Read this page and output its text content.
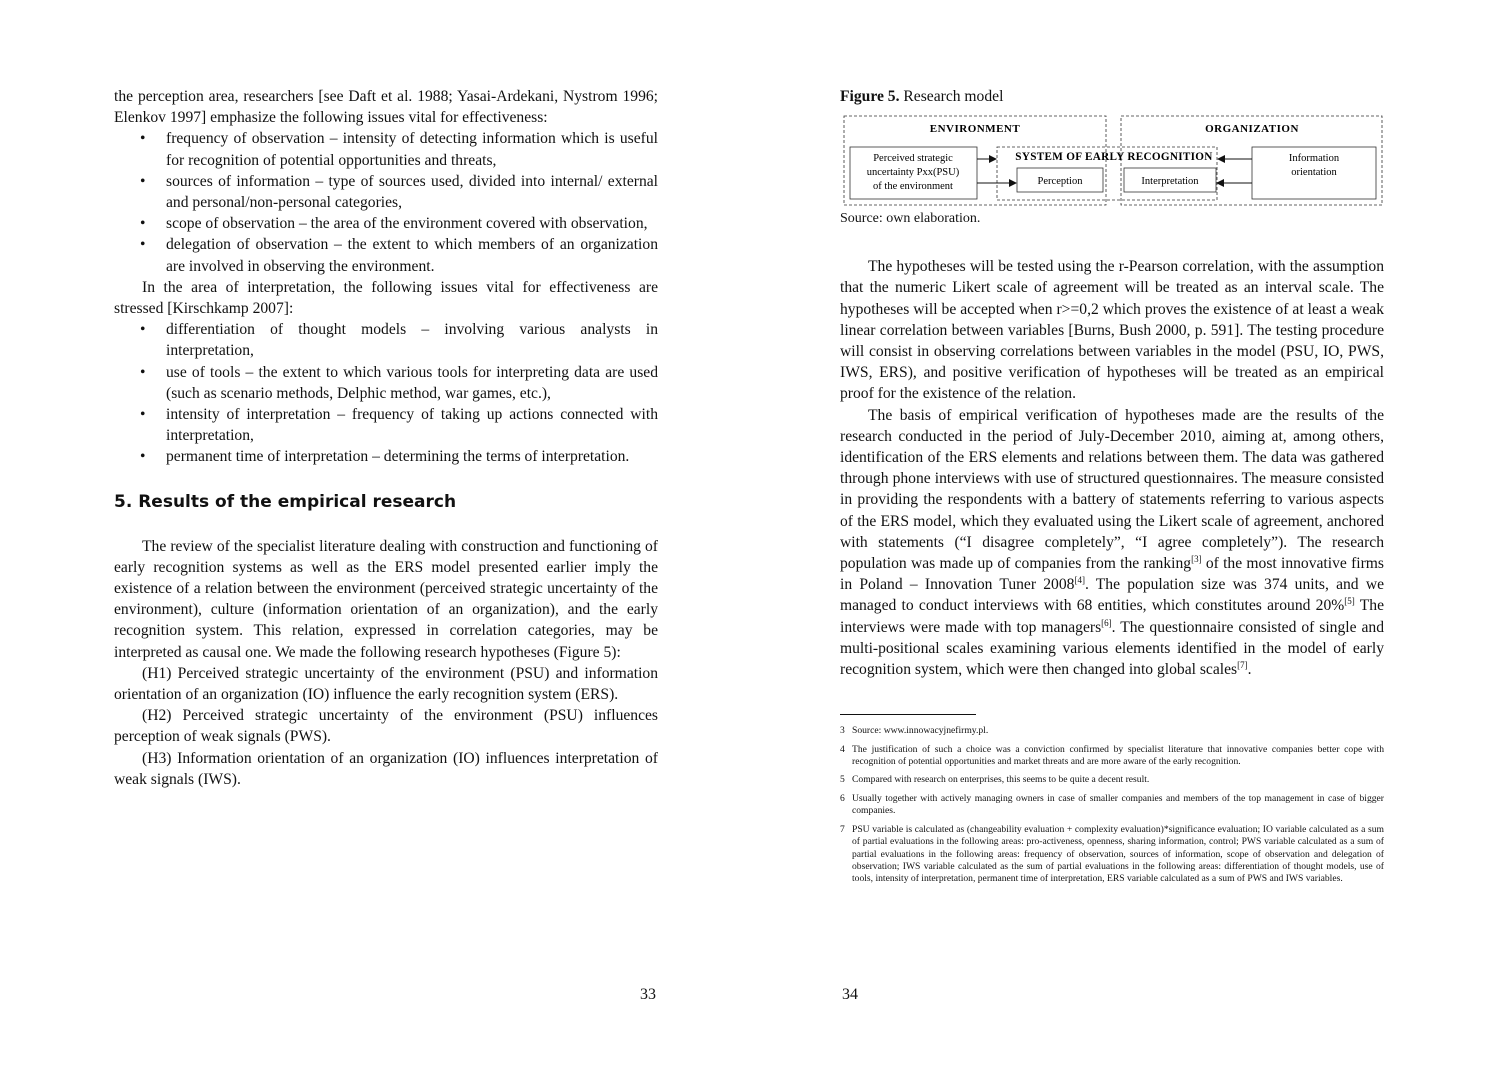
the perception area, researchers [see Daft et al. 1988; Yasai-Ardekani, Nystrom 1996; Elenkov 1997] emphasize the following issues vital for effectiveness:

• frequency of observation – intensity of detecting information which is useful for recognition of potential opportunities and threats,
• sources of information – type of sources used, divided into internal/ external and personal/non-personal categories,
• scope of observation – the area of the environment covered with observation,
• delegation of observation – the extent to which members of an organization are involved in observing the environment.

In the area of interpretation, the following issues vital for effectiveness are stressed [Kirschkamp 2007]:

• differentiation of thought models – involving various analysts in interpretation,
• use of tools – the extent to which various tools for interpreting data are used (such as scenario methods, Delphic method, war games, etc.),
• intensity of interpretation – frequency of taking up actions connected with interpretation,
• permanent time of interpretation – determining the terms of interpretation.
5. Results of the empirical research

The review of the specialist literature dealing with construction and functioning of early recognition systems as well as the ERS model presented earlier imply the existence of a relation between the environment (perceived strategic uncertainty of the environment), culture (information orientation of an organization), and the early recognition system. This relation, expressed in correlation categories, may be interpreted as causal one. We made the following research hypotheses (Figure 5):

(H1) Perceived strategic uncertainty of the environment (PSU) and information orientation of an organization (IO) influence the early recognition system (ERS).

(H2) Perceived strategic uncertainty of the environment (PSU) influences perception of weak signals (PWS).

(H3) Information orientation of an organization (IO) influences interpretation of weak signals (IWS).

33
Figure 5. Research model
ENVIRONMENT	ORGANIZATION
SYSTEM OF EARLY RECOGNITION
Perceived strategic
uncertainty Pxx(PSU)
of the environment
Information
orientation
Perception	Interpretation
Source: own elaboration.

The hypotheses will be tested using the r-Pearson correlation, with the assumption that the numeric Likert scale of agreement will be treated as an interval scale. The hypotheses will be accepted when r>=0,2 which proves the existence of at least a weak linear correlation between variables [Burns, Bush 2000, p. 591]. The testing procedure will consist in observing correlations between variables in the model (PSU, IO, PWS, IWS, ERS), and positive verification of hypotheses will be treated as an empirical proof for the existence of the relation.

The basis of empirical verification of hypotheses made are the results of the research conducted in the period of July-December 2010, aiming at, among others, identification of the ERS elements and relations between them. The data was gathered through phone interviews with use of structured questionnaires. The measure consisted in providing the respondents with a battery of statements referring to various aspects of the ERS model, which they evaluated using the Likert scale of agreement, anchored with statements (“I disagree completely”, “I agree completely”). The research population was made up of companies from the ranking[3] of the most innovative firms in Poland – Innovation Tuner 2008[4]. The population size was 374 units, and we managed to conduct interviews with 68 entities, which constitutes around 20%[5] The interviews were made with top managers[6]. The questionnaire consisted of single and multi-positional scales examining various elements identified in the model of early recognition system, which were then changed into global scales[7].

3 Source: www.innowacyjnefirmy.pl.
4 The justification of such a choice was a conviction confirmed by specialist literature that innovative companies better cope with recognition of potential opportunities and market threats and are more aware of the early recognition.
5 Compared with research on enterprises, this seems to be quite a decent result.
6 Usually together with actively managing owners in case of smaller companies and members of the top management in case of bigger companies.
7 PSU variable is calculated as (changeability evaluation + complexity evaluation)*significance evaluation; IO variable calculated as a sum of partial evaluations in the following areas: pro-activeness, openness, sharing information, control; PWS variable calculated as a sum of partial evaluations in the following areas: frequency of observation, sources of information, scope of observation and delegation of observation; IWS variable calculated as the sum of partial evaluations in the following areas: differentiation of thought models, use of tools, intensity of interpretation, permanent time of interpretation, ERS variable calculated as a sum of PWS and IWS variables.
34
